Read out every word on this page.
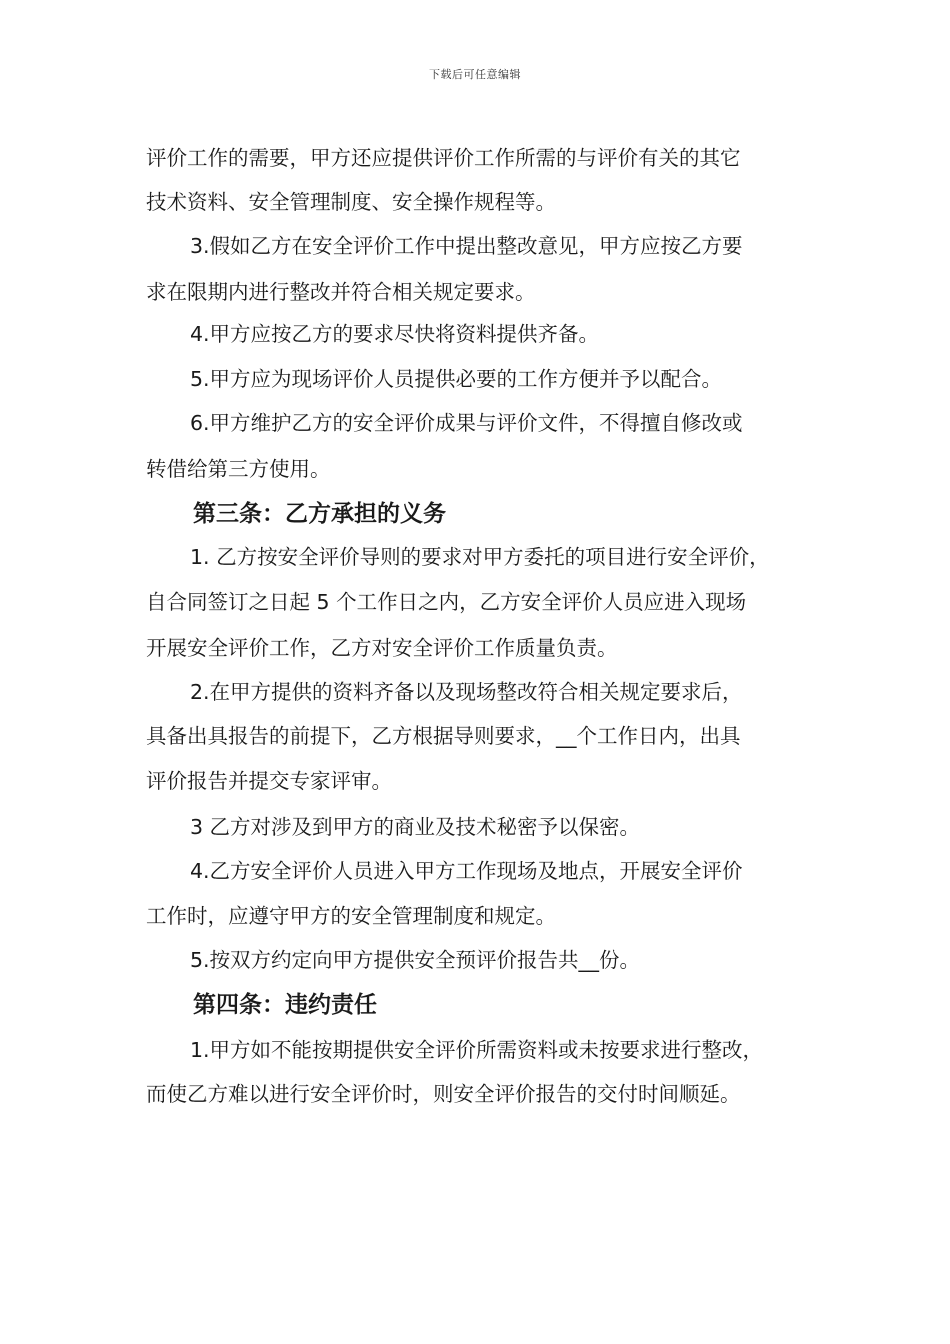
下载后可任意编辑
评价工作的需要，甲方还应提供评价工作所需的与评价有关的其它
技术资料、安全管理制度、安全操作规程等。
3.假如乙方在安全评价工作中提出整改意见，甲方应按乙方要
求在限期内进行整改并符合相关规定要求。
4.甲方应按乙方的要求尽快将资料提供齐备。
5.甲方应为现场评价人员提供必要的工作方便并予以配合。
6.甲方维护乙方的安全评价成果与评价文件，不得擅自修改或
转借给第三方使用。
第三条：乙方承担的义务
1. 乙方按安全评价导则的要求对甲方委托的项目进行安全评价，
自合同签订之日起 5 个工作日之内，乙方安全评价人员应进入现场
开展安全评价工作，乙方对安全评价工作质量负责。
2.在甲方提供的资料齐备以及现场整改符合相关规定要求后，
具备出具报告的前提下，乙方根据导则要求，__个工作日内，出具
评价报告并提交专家评审。
3 乙方对涉及到甲方的商业及技术秘密予以保密。
4.乙方安全评价人员进入甲方工作现场及地点，开展安全评价
工作时，应遵守甲方的安全管理制度和规定。
5.按双方约定向甲方提供安全预评价报告共__份。
第四条：违约责任
1.甲方如不能按期提供安全评价所需资料或未按要求进行整改，
而使乙方难以进行安全评价时，则安全评价报告的交付时间顺延。
